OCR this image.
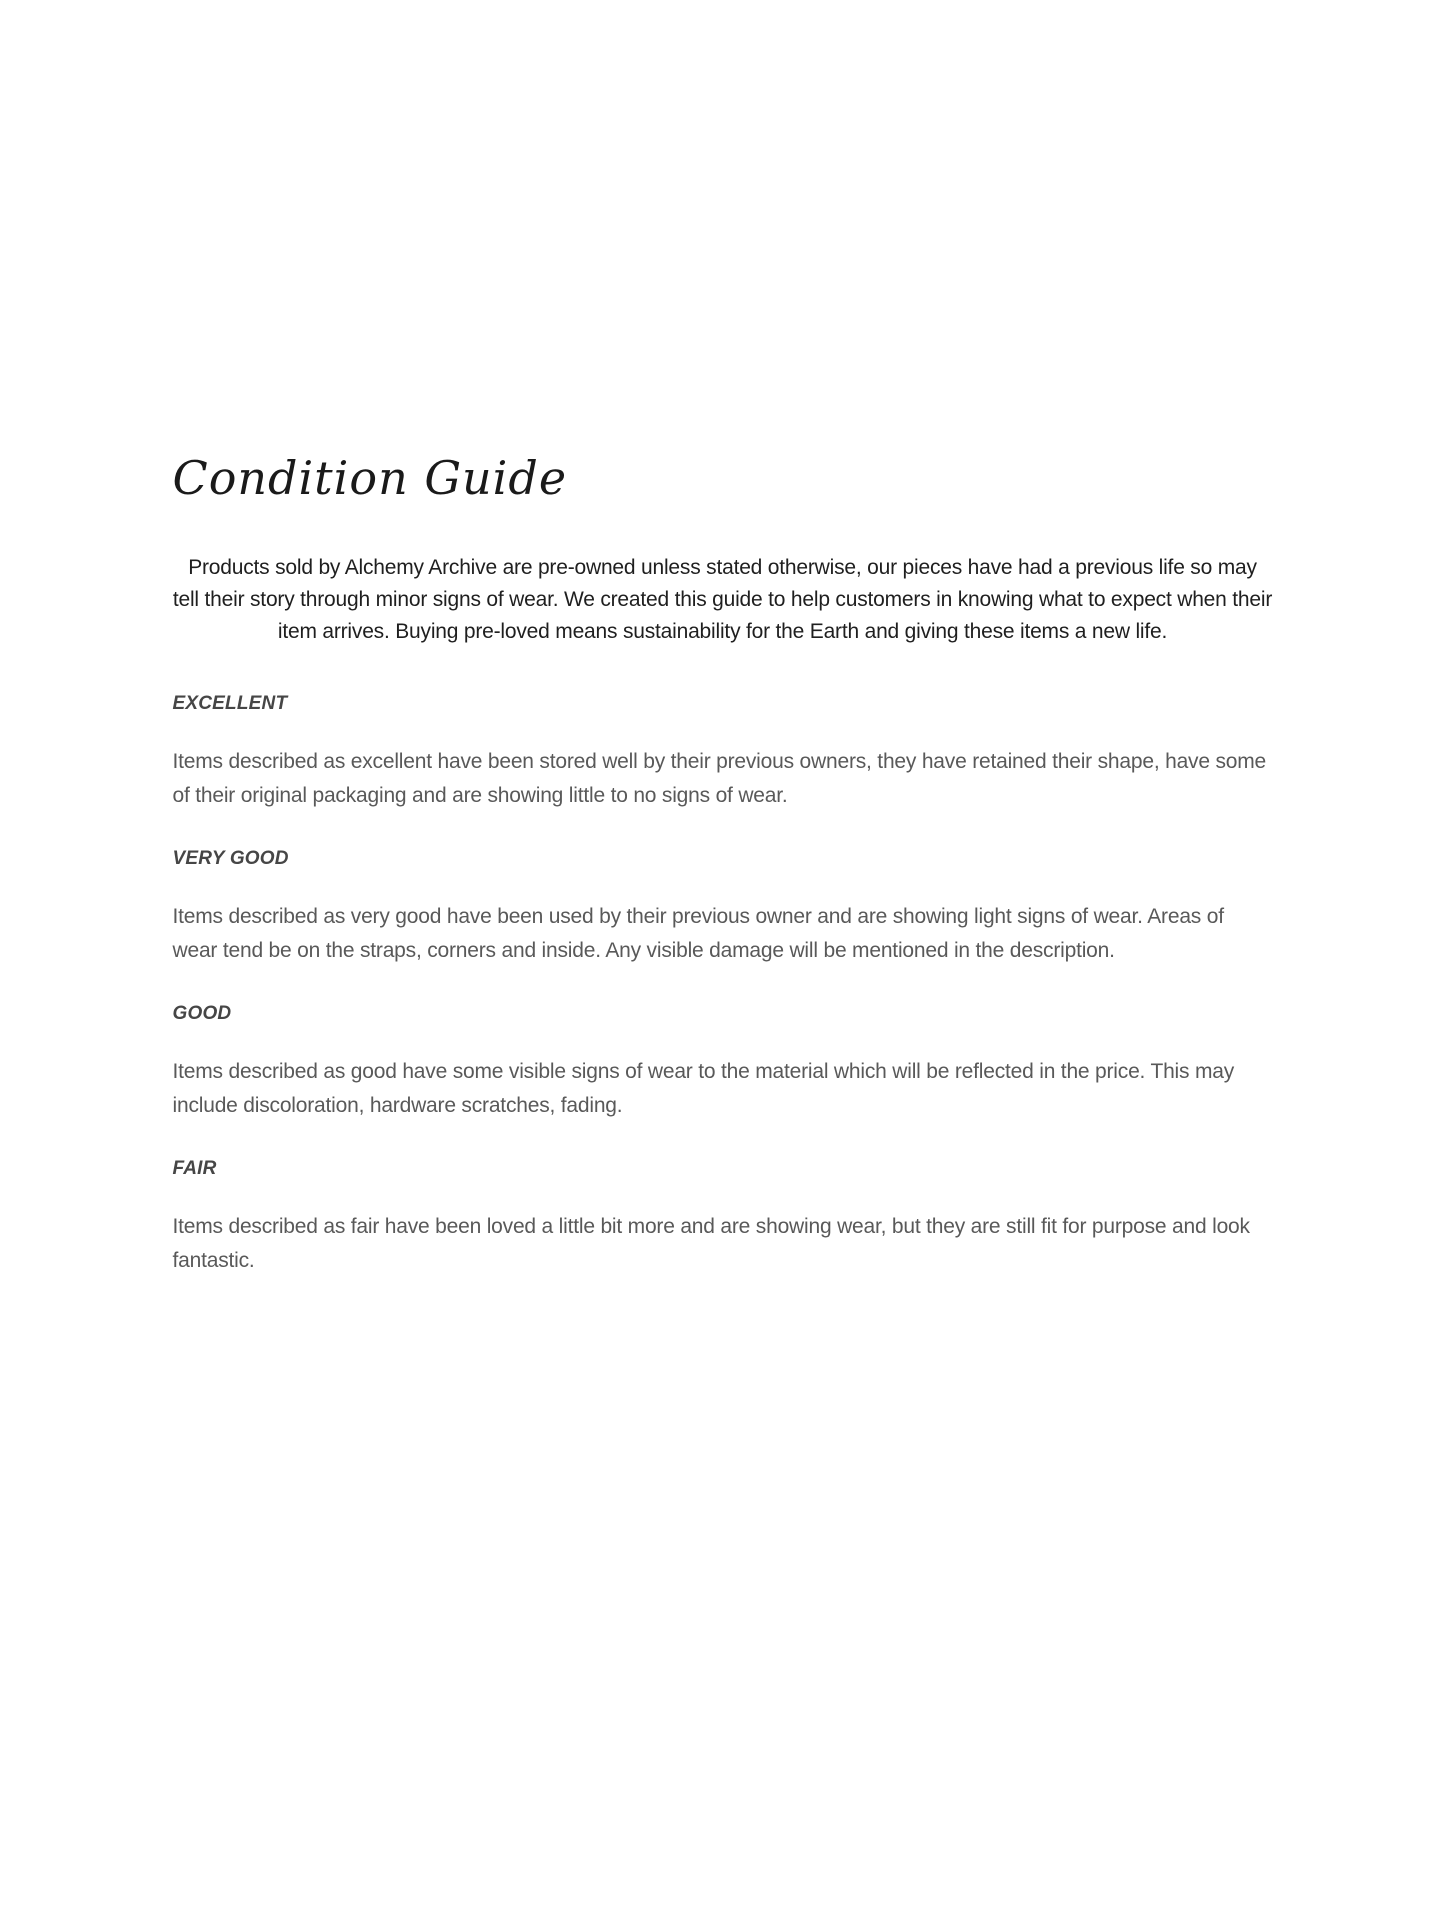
Condition Guide

Products sold by Alchemy Archive are pre-owned unless stated otherwise, our pieces have had a previous life so may tell their story through minor signs of wear. We created this guide to help customers in knowing what to expect when their item arrives. Buying pre-loved means sustainability for the Earth and giving these items a new life.

EXCELLENT

Items described as excellent have been stored well by their previous owners, they have retained their shape, have some of their original packaging and are showing little to no signs of wear.

VERY GOOD

Items described as very good have been used by their previous owner and are showing light signs of wear. Areas of wear tend be on the straps, corners and inside. Any visible damage will be mentioned in the description.

GOOD

Items described as good have some visible signs of wear to the material which will be reflected in the price. This may include discoloration, hardware scratches, fading.

FAIR

Items described as fair have been loved a little bit more and are showing wear, but they are still fit for purpose and look fantastic.
